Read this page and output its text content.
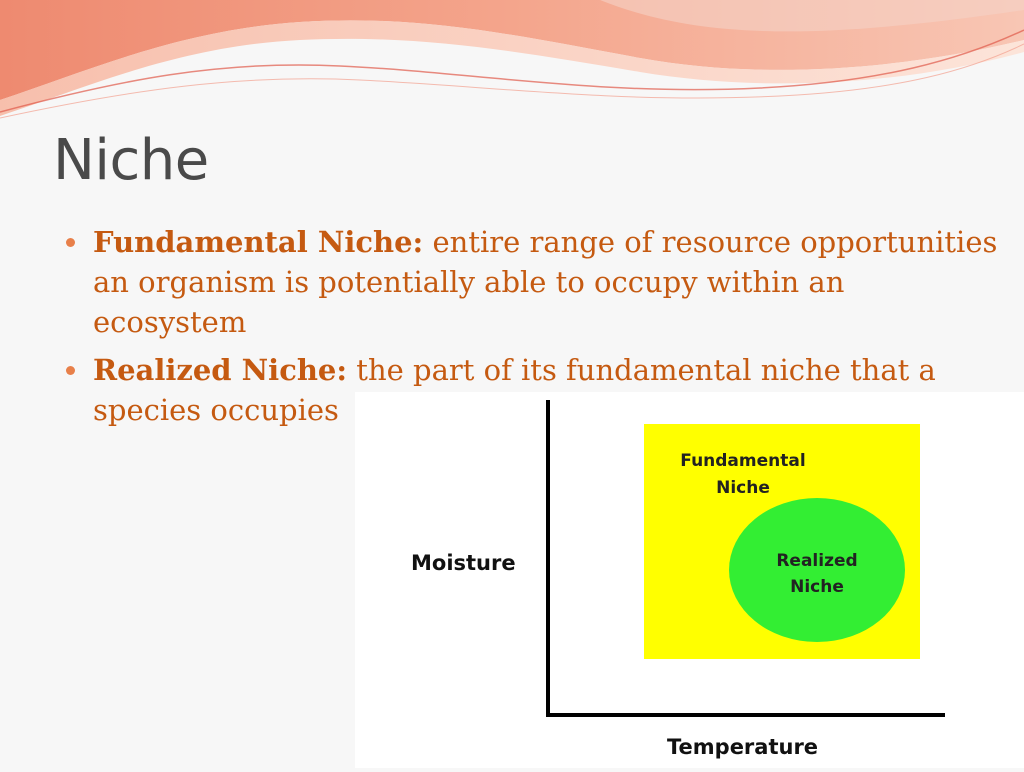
Niche
Fundamental Niche: entire range of resource opportunities an organism is potentially able to occupy within an ecosystem
Realized Niche: the part of its fundamental niche that a species occupies
Fundamental
Niche
Realized
Niche
Moisture
Temperature
